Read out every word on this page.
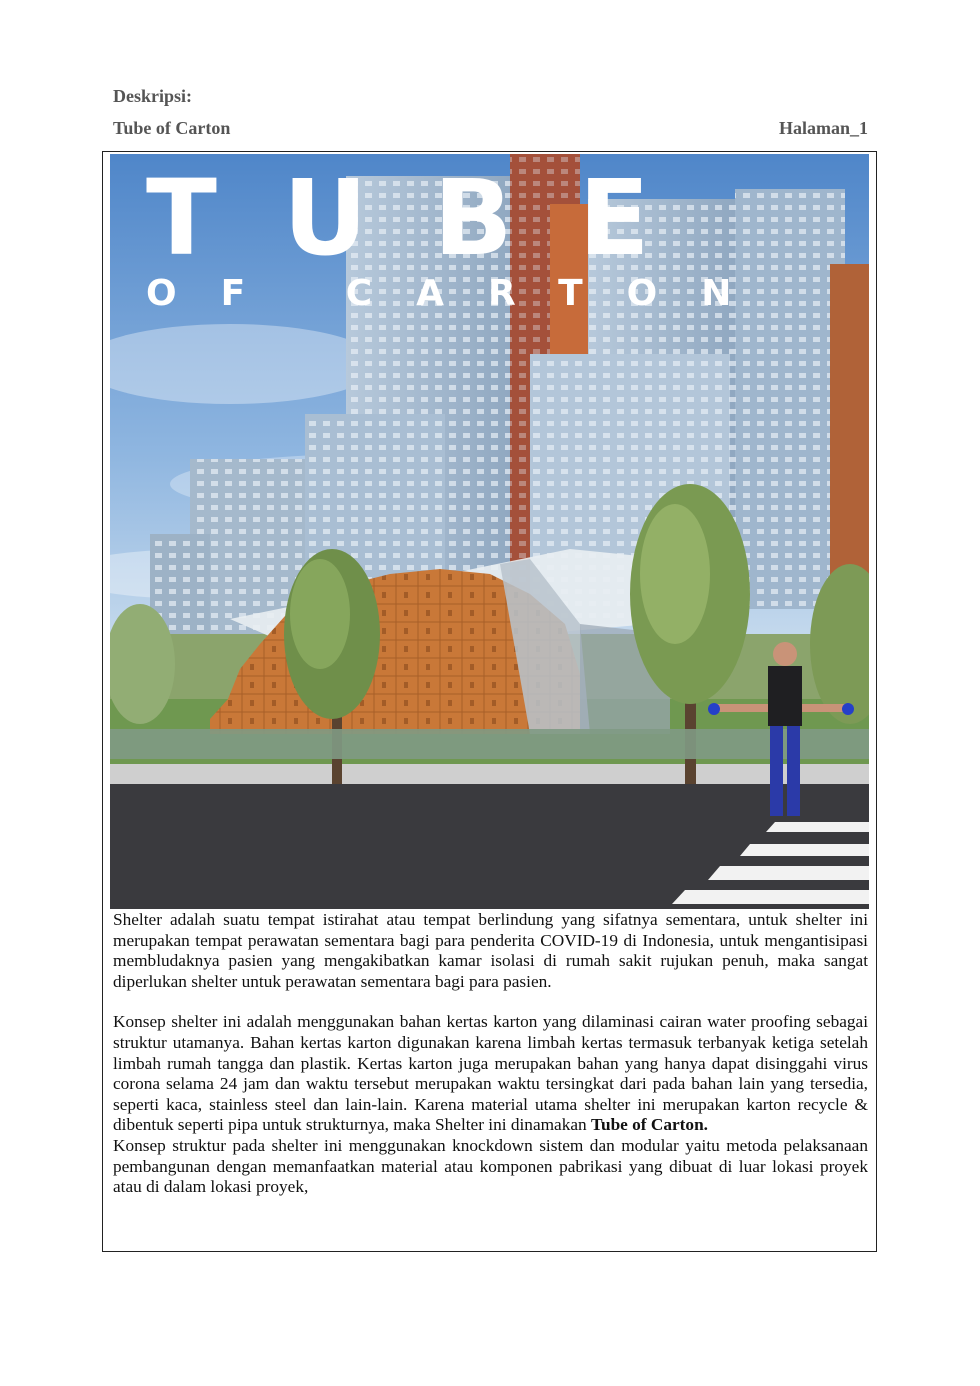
Deskripsi:
Tube of Carton	Halaman_1
TUBE
OF CARTON

Shelter adalah suatu tempat istirahat atau tempat berlindung yang sifatnya sementara, untuk shelter ini merupakan tempat perawatan sementara bagi para penderita COVID-19 di Indonesia, untuk mengantisipasi membludaknya pasien yang mengakibatkan kamar isolasi di rumah sakit rujukan penuh, maka sangat diperlukan shelter untuk perawatan sementara bagi para pasien.

Konsep shelter ini adalah menggunakan bahan kertas karton yang dilaminasi cairan water proofing sebagai struktur utamanya. Bahan kertas karton digunakan karena limbah kertas termasuk terbanyak ketiga setelah limbah rumah tangga dan plastik. Kertas karton juga merupakan bahan yang hanya dapat disinggahi virus corona selama 24 jam dan waktu tersebut merupakan waktu tersingkat dari pada bahan lain yang tersedia, seperti kaca, stainless steel dan lain-lain. Karena material utama shelter ini merupakan karton recycle & dibentuk seperti pipa untuk strukturnya, maka Shelter ini dinamakan Tube of Carton.

Konsep struktur pada shelter ini menggunakan knockdown sistem dan modular yaitu metoda pelaksanaan pembangunan dengan memanfaatkan material atau komponen pabrikasi yang dibuat di luar lokasi proyek atau di dalam lokasi proyek,
